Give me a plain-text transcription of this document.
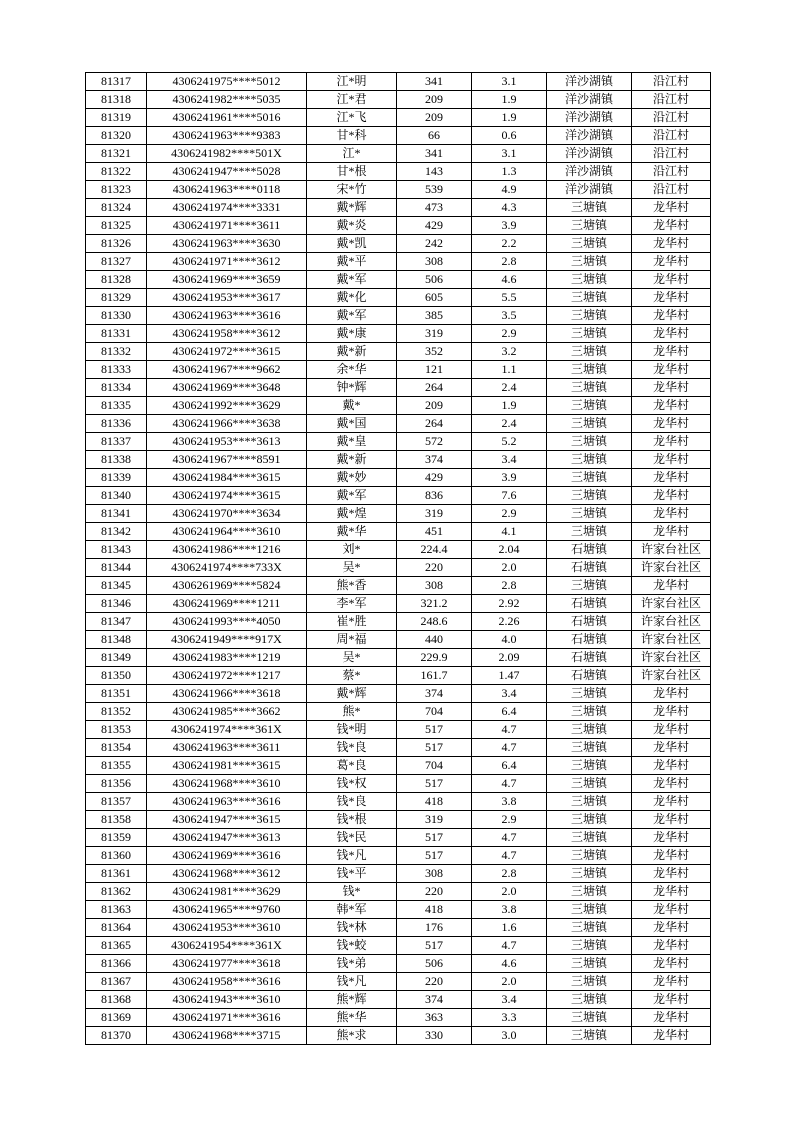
81317	4306241975****5012	江*明	341	3.1	洋沙湖镇	沿江村
81318	4306241982****5035	江*君	209	1.9	洋沙湖镇	沿江村
81319	4306241961****5016	江*飞	209	1.9	洋沙湖镇	沿江村
81320	4306241963****9383	甘*科	66	0.6	洋沙湖镇	沿江村
81321	4306241982****501X	江*	341	3.1	洋沙湖镇	沿江村
81322	4306241947****5028	甘*根	143	1.3	洋沙湖镇	沿江村
81323	4306241963****0118	宋*竹	539	4.9	洋沙湖镇	沿江村
81324	4306241974****3331	戴*辉	473	4.3	三塘镇	龙华村
81325	4306241971****3611	戴*炎	429	3.9	三塘镇	龙华村
81326	4306241963****3630	戴*凯	242	2.2	三塘镇	龙华村
81327	4306241971****3612	戴*平	308	2.8	三塘镇	龙华村
81328	4306241969****3659	戴*军	506	4.6	三塘镇	龙华村
81329	4306241953****3617	戴*化	605	5.5	三塘镇	龙华村
81330	4306241963****3616	戴*军	385	3.5	三塘镇	龙华村
81331	4306241958****3612	戴*康	319	2.9	三塘镇	龙华村
81332	4306241972****3615	戴*新	352	3.2	三塘镇	龙华村
81333	4306241967****9662	余*华	121	1.1	三塘镇	龙华村
81334	4306241969****3648	钟*辉	264	2.4	三塘镇	龙华村
81335	4306241992****3629	戴*	209	1.9	三塘镇	龙华村
81336	4306241966****3638	戴*国	264	2.4	三塘镇	龙华村
81337	4306241953****3613	戴*皇	572	5.2	三塘镇	龙华村
81338	4306241967****8591	戴*新	374	3.4	三塘镇	龙华村
81339	4306241984****3615	戴*妙	429	3.9	三塘镇	龙华村
81340	4306241974****3615	戴*军	836	7.6	三塘镇	龙华村
81341	4306241970****3634	戴*煌	319	2.9	三塘镇	龙华村
81342	4306241964****3610	戴*华	451	4.1	三塘镇	龙华村
81343	4306241986****1216	刘*	224.4	2.04	石塘镇	许家台社区
81344	4306241974****733X	吴*	220	2.0	石塘镇	许家台社区
81345	4306261969****5824	熊*香	308	2.8	三塘镇	龙华村
81346	4306241969****1211	李*军	321.2	2.92	石塘镇	许家台社区
81347	4306241993****4050	崔*胜	248.6	2.26	石塘镇	许家台社区
81348	4306241949****917X	周*福	440	4.0	石塘镇	许家台社区
81349	4306241983****1219	吴*	229.9	2.09	石塘镇	许家台社区
81350	4306241972****1217	蔡*	161.7	1.47	石塘镇	许家台社区
81351	4306241966****3618	戴*辉	374	3.4	三塘镇	龙华村
81352	4306241985****3662	熊*	704	6.4	三塘镇	龙华村
81353	4306241974****361X	钱*明	517	4.7	三塘镇	龙华村
81354	4306241963****3611	钱*良	517	4.7	三塘镇	龙华村
81355	4306241981****3615	葛*良	704	6.4	三塘镇	龙华村
81356	4306241968****3610	钱*权	517	4.7	三塘镇	龙华村
81357	4306241963****3616	钱*良	418	3.8	三塘镇	龙华村
81358	4306241947****3615	钱*根	319	2.9	三塘镇	龙华村
81359	4306241947****3613	钱*民	517	4.7	三塘镇	龙华村
81360	4306241969****3616	钱*凡	517	4.7	三塘镇	龙华村
81361	4306241968****3612	钱*平	308	2.8	三塘镇	龙华村
81362	4306241981****3629	钱*	220	2.0	三塘镇	龙华村
81363	4306241965****9760	韩*军	418	3.8	三塘镇	龙华村
81364	4306241953****3610	钱*林	176	1.6	三塘镇	龙华村
81365	4306241954****361X	钱*蛟	517	4.7	三塘镇	龙华村
81366	4306241977****3618	钱*弟	506	4.6	三塘镇	龙华村
81367	4306241958****3616	钱*凡	220	2.0	三塘镇	龙华村
81368	4306241943****3610	熊*辉	374	3.4	三塘镇	龙华村
81369	4306241971****3616	熊*华	363	3.3	三塘镇	龙华村
81370	4306241968****3715	熊*求	330	3.0	三塘镇	龙华村
